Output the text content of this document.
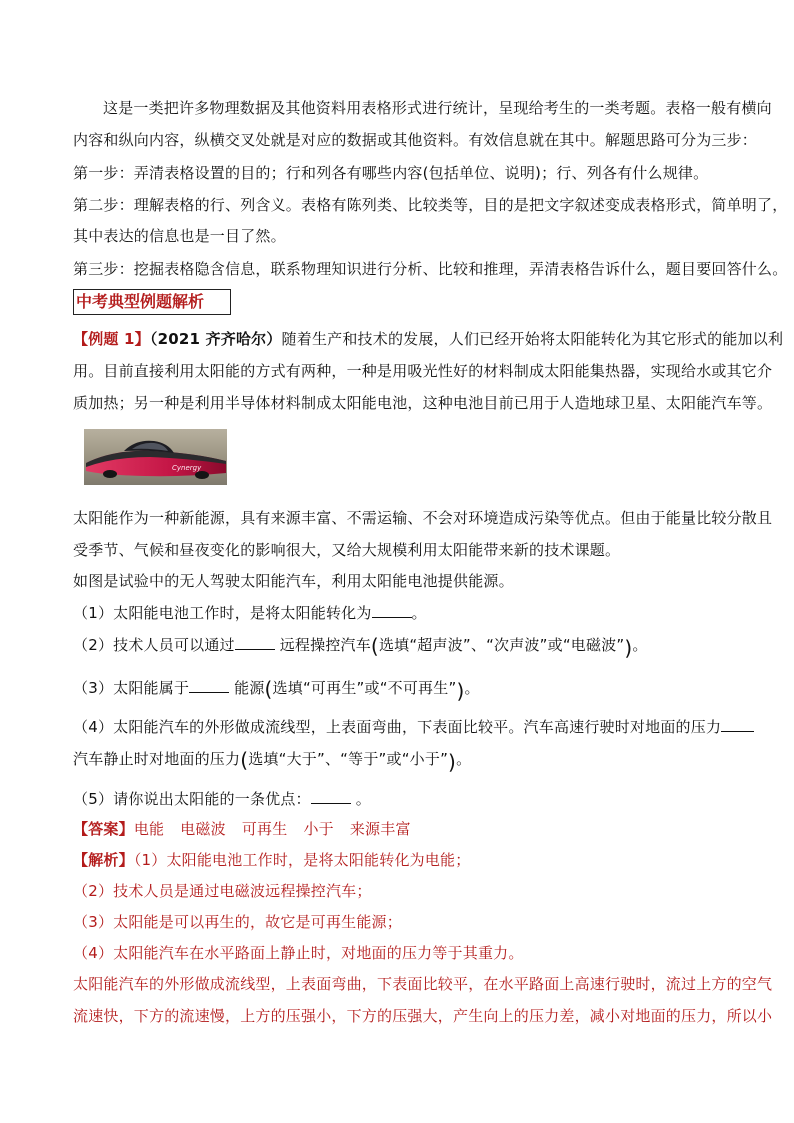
这是一类把许多物理数据及其他资料用表格形式进行统计，呈现给考生的一类考题。表格一般有横向
内容和纵向内容，纵横交叉处就是对应的数据或其他资料。有效信息就在其中。解题思路可分为三步：
第一步：弄清表格设置的目的；行和列各有哪些内容(包括单位、说明)；行、列各有什么规律。
第二步：理解表格的行、列含义。表格有陈列类、比较类等，目的是把文字叙述变成表格形式，简单明了，
其中表达的信息也是一目了然。
第三步：挖掘表格隐含信息，联系物理知识进行分析、比较和推理，弄清表格告诉什么，题目要回答什么。
中考典型例题解析
【例题 1】（2021 齐齐哈尔）随着生产和技术的发展，人们已经开始将太阳能转化为其它形式的能加以利
用。目前直接利用太阳能的方式有两种，一种是用吸光性好的材料制成太阳能集热器，实现给水或其它介
质加热；另一种是利用半导体材料制成太阳能电池，这种电池目前已用于人造地球卫星、太阳能汽车等。
Cynergy
太阳能作为一种新能源，具有来源丰富、不需运输、不会对环境造成污染等优点。但由于能量比较分散且
受季节、气候和昼夜变化的影响很大，又给大规模利用太阳能带来新的技术课题。
如图是试验中的无人驾驶太阳能汽车，利用太阳能电池提供能源。
（1）太阳能电池工作时，是将太阳能转化为	。
（2）技术人员可以通过	远程操控汽车(选填“超声波”、“次声波”或“电磁波”)。
（3）太阳能属于	能源(选填“可再生”或“不可再生”)。
（4）太阳能汽车的外形做成流线型，上表面弯曲，下表面比较平。汽车高速行驶时对地面的压力
汽车静止时对地面的压力(选填“大于”、“等于”或“小于”)。
（5）请你说出太阳能的一条优点：	。
【答案】电能 电磁波 可再生 小于 来源丰富
【解析】（1）太阳能电池工作时，是将太阳能转化为电能；
（2）技术人员是通过电磁波远程操控汽车；
（3）太阳能是可以再生的，故它是可再生能源；
（4）太阳能汽车在水平路面上静止时，对地面的压力等于其重力。
太阳能汽车的外形做成流线型，上表面弯曲，下表面比较平，在水平路面上高速行驶时，流过上方的空气
流速快，下方的流速慢，上方的压强小，下方的压强大，产生向上的压力差，减小对地面的压力，所以小
